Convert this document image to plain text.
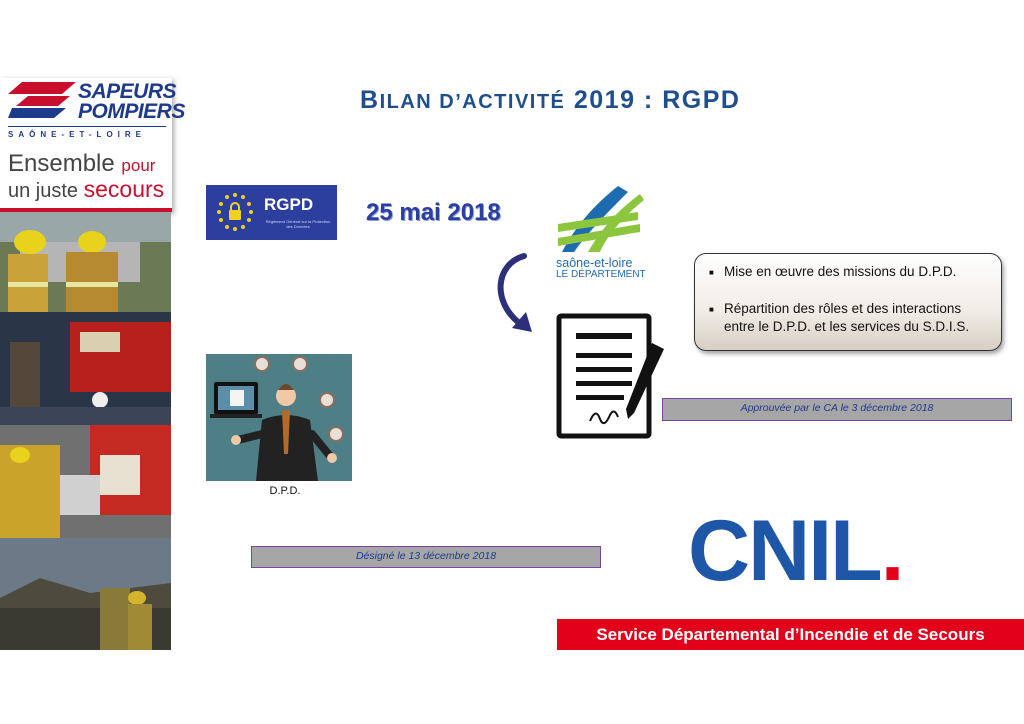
SAPEURS
POMPIERS
SAÔNE-ET-LOIRE
Ensemble pour
un juste secours
BILAN D’ACTIVITÉ 2019 : RGPD
RGPD
Règlement Général sur la Protection des Données
25 mai 2018
saône-et-loire
LE DÉPARTEMENT	■ Mise en œuvre des missions du D.P.D.
■ Répartition des rôles et des interactions
entre le D.P.D. et les services du S.D.I.S.
Approuvée par le CA le 3 décembre 2018
D.P.D.
Désigné le 13 décembre 2018	CNIL.
Service Départemental d’Incendie et de Secours
